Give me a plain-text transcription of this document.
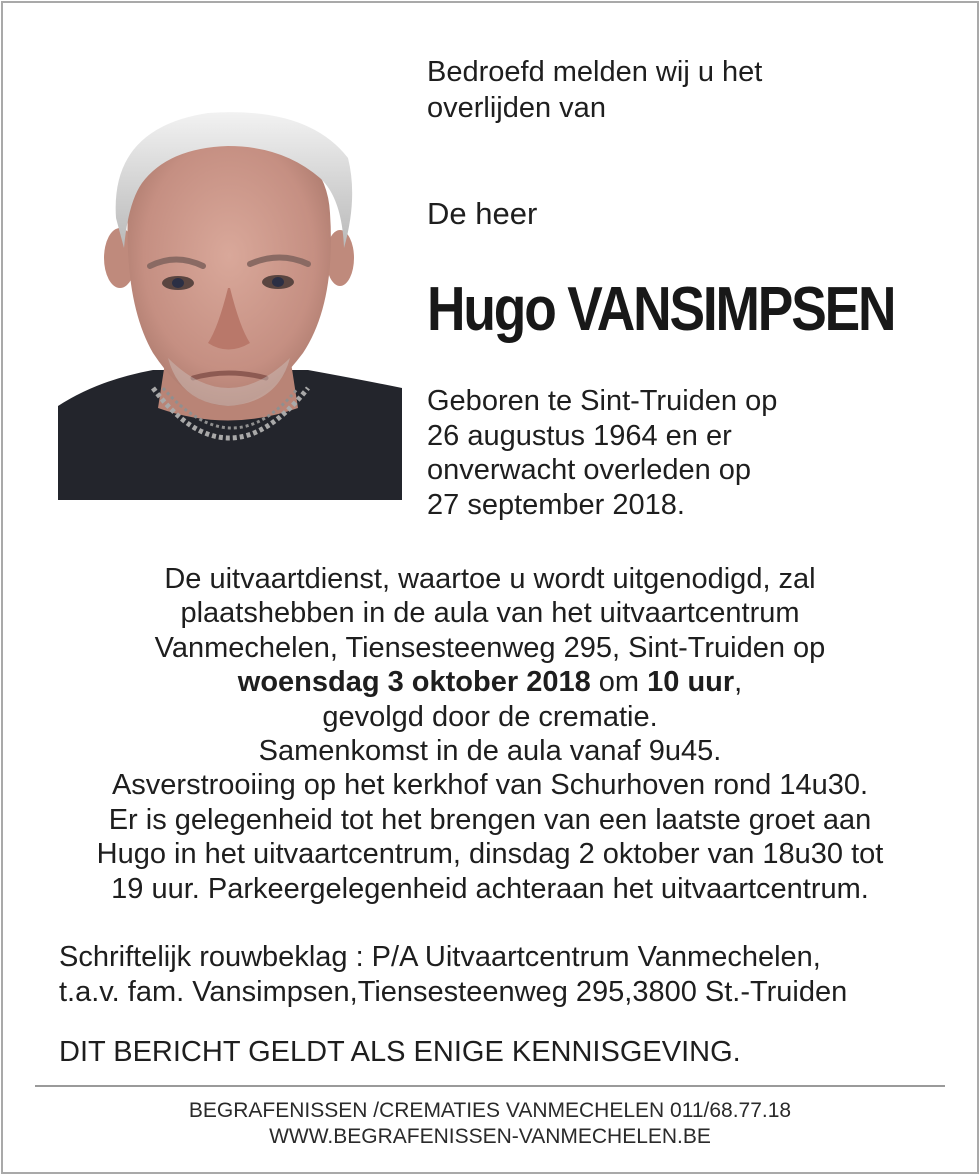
Bedroefd melden wij u het
overlijden van
De heer
Hugo VANSIMPSEN
Geboren te Sint-Truiden op
26 augustus 1964 en er
onverwacht overleden op
27 september 2018.
De uitvaartdienst, waartoe u wordt uitgenodigd, zal
plaatshebben in de aula van het uitvaartcentrum
Vanmechelen, Tiensesteenweg 295, Sint-Truiden op
woensdag 3 oktober 2018 om 10 uur,
gevolgd door de crematie.
Samenkomst in de aula vanaf 9u45.
Asverstrooiing op het kerkhof van Schurhoven rond 14u30.
Er is gelegenheid tot het brengen van een laatste groet aan
Hugo in het uitvaartcentrum, dinsdag 2 oktober van 18u30 tot
19 uur. Parkeergelegenheid achteraan het uitvaartcentrum.
Schriftelijk rouwbeklag : P/A Uitvaartcentrum Vanmechelen,
t.a.v. fam. Vansimpsen,Tiensesteenweg 295,3800 St.-Truiden
DIT BERICHT GELDT ALS ENIGE KENNISGEVING.
BEGRAFENISSEN /CREMATIES VANMECHELEN 011/68.77.18
WWW.BEGRAFENISSEN-VANMECHELEN.BE
